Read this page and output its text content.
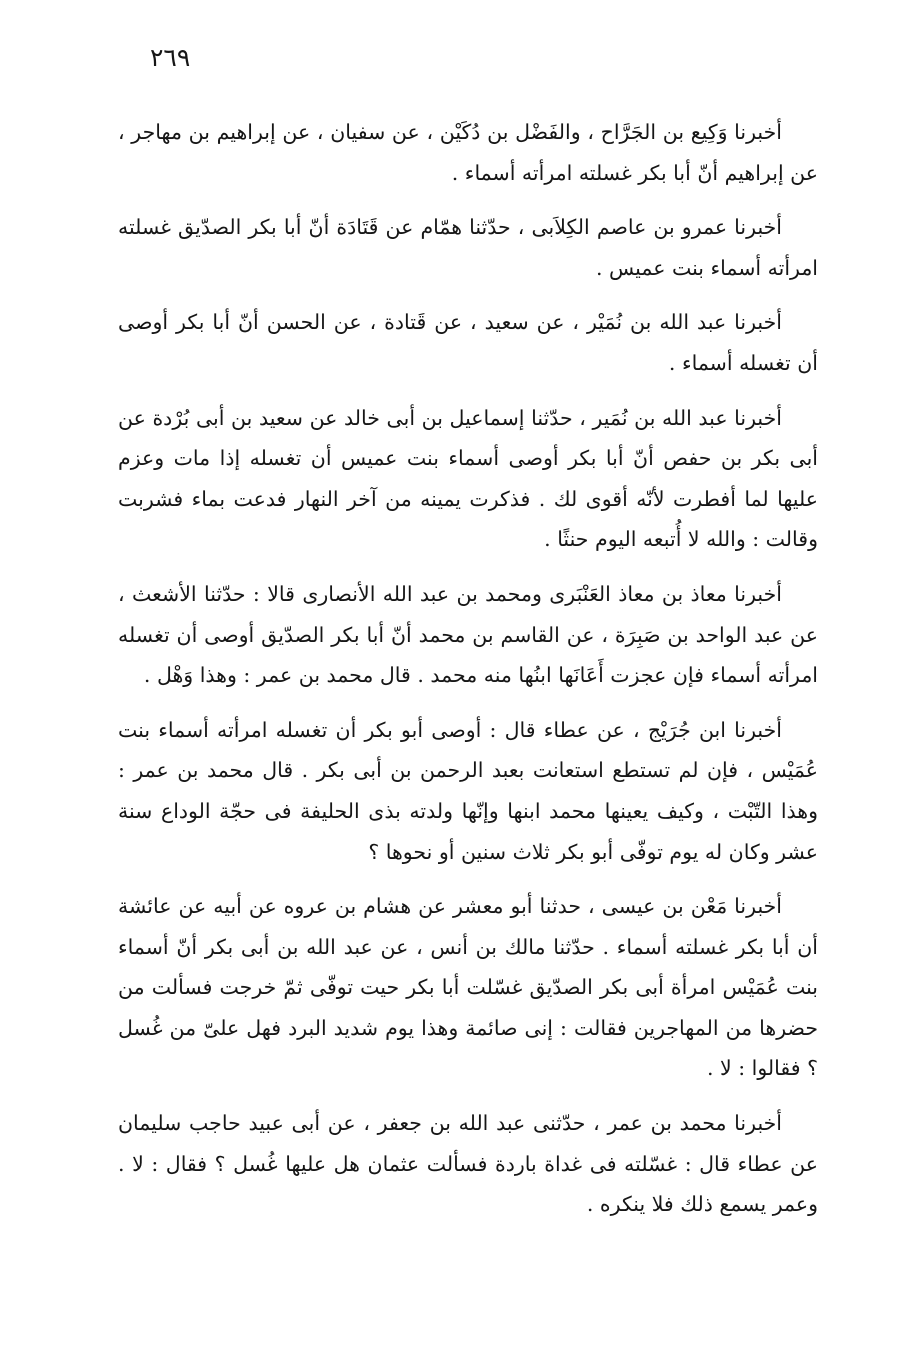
٢٦٩

أخبرنا وَكِيع بن الجَرَّاح ، والفَضْل بن دُكَيْن ، عن سفيان ، عن إبراهيم بن مهاجر ، عن إبراهيم أنّ أبا بكر غسلته امرأته أسماء .

أخبرنا عمرو بن عاصم الكِلاَبى ، حدّثنا همّام عن قَتَادَة أنّ أبا بكر الصدّيق غسلته امرأته أسماء بنت عميس .

أخبرنا عبد الله بن نُمَيْر ، عن سعيد ، عن قَتادة ، عن الحسن أنّ أبا بكر أوصى أن تغسله أسماء .

أخبرنا عبد الله بن نُمَير ، حدّثنا إسماعيل بن أبى خالد عن سعيد بن أبى بُرْدة عن أبى بكر بن حفص أنّ أبا بكر أوصى أسماء بنت عميس أن تغسله إذا مات وعزم عليها لما أفطرت لأنّه أقوى لك . فذكرت يمينه من آخر النهار فدعت بماء فشربت وقالت : والله لا أُتبعه اليوم حنثًا .

أخبرنا معاذ بن معاذ العَنْبَرى ومحمد بن عبد الله الأنصارى قالا : حدّثنا الأشعث ، عن عبد الواحد بن صَبِرَة ، عن القاسم بن محمد أنّ أبا بكر الصدّيق أوصى أن تغسله امرأته أسماء فإن عجزت أَعَانَها ابنُها منه محمد . قال محمد بن عمر : وهذا وَهْل .

أخبرنا ابن جُرَيْج ، عن عطاء قال : أوصى أبو بكر أن تغسله امرأته أسماء بنت عُمَيْس ، فإن لم تستطع استعانت بعبد الرحمن بن أبى بكر . قال محمد بن عمر : وهذا التّبْت ، وكيف يعينها محمد ابنها وإنّها ولدته بذى الحليفة فى حجّة الوداع سنة عشر وكان له يوم توفّى أبو بكر ثلاث سنين أو نحوها ؟

أخبرنا مَعْن بن عيسى ، حدثنا أبو معشر عن هشام بن عروه عن أبيه عن عائشة أن أبا بكر غسلته أسماء . حدّثنا مالك بن أنس ، عن عبد الله بن أبى بكر أنّ أسماء بنت عُمَيْس امرأة أبى بكر الصدّيق غسّلت أبا بكر حيت توفّى ثمّ خرجت فسألت من حضرها من المهاجرين فقالت : إنى صائمة وهذا يوم شديد البرد فهل علىّ من غُسل ؟ فقالوا : لا .

أخبرنا محمد بن عمر ، حدّثنى عبد الله بن جعفر ، عن أبى عبيد حاجب سليمان عن عطاء قال : غسّلته فى غداة باردة فسألت عثمان هل عليها غُسل ؟ فقال : لا . وعمر يسمع ذلك فلا ينكره .
